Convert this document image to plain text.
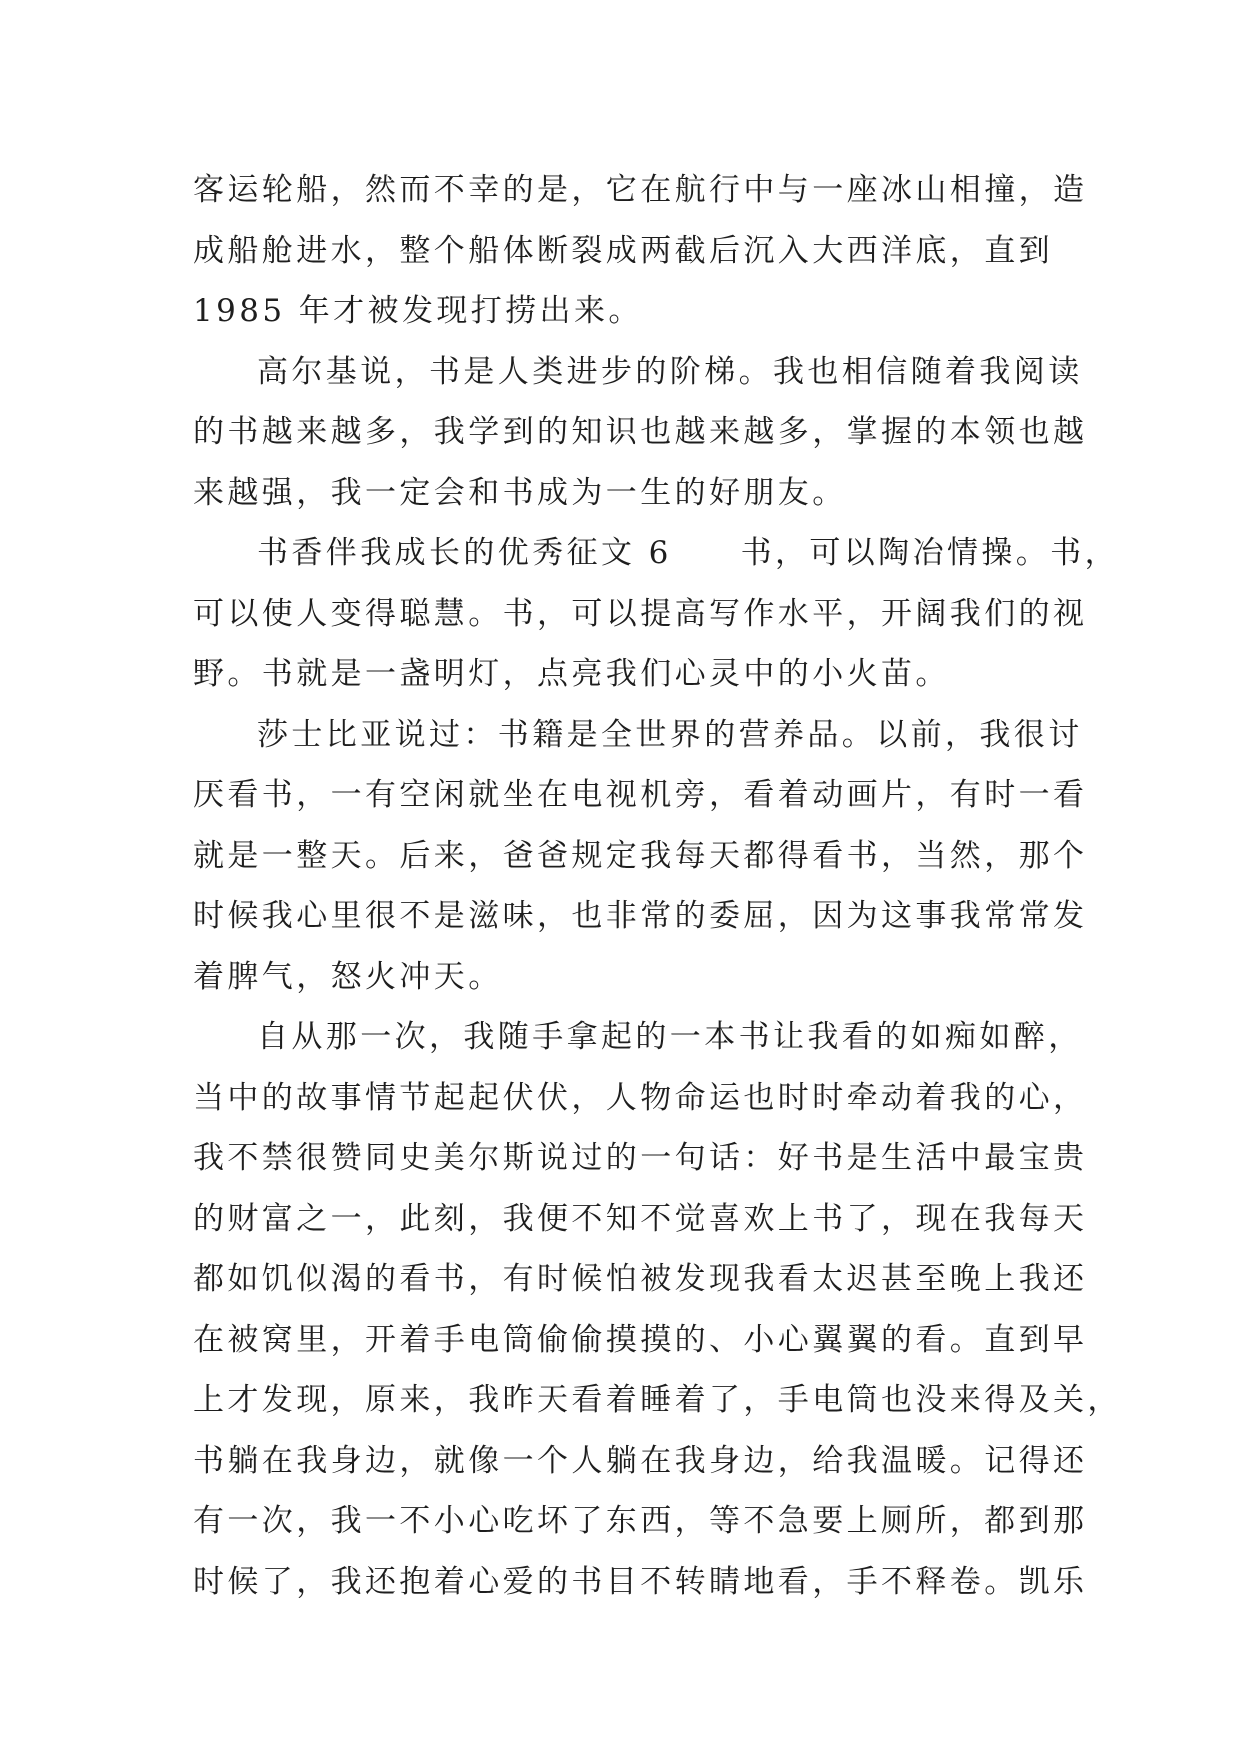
客运轮船，然而不幸的是，它在航行中与一座冰山相撞，造
成船舱进水，整个船体断裂成两截后沉入大西洋底，直到
1985 年才被发现打捞出来。
高尔基说，书是人类进步的阶梯。我也相信随着我阅读
的书越来越多，我学到的知识也越来越多，掌握的本领也越
来越强，我一定会和书成为一生的好朋友。
书香伴我成长的优秀征文 6　　书，可以陶冶情操。书，
可以使人变得聪慧。书，可以提高写作水平，开阔我们的视
野。书就是一盏明灯，点亮我们心灵中的小火苗。
莎士比亚说过：书籍是全世界的营养品。以前，我很讨
厌看书，一有空闲就坐在电视机旁，看着动画片，有时一看
就是一整天。后来，爸爸规定我每天都得看书，当然，那个
时候我心里很不是滋味，也非常的委屈，因为这事我常常发
着脾气，怒火冲天。
自从那一次，我随手拿起的一本书让我看的如痴如醉，
当中的故事情节起起伏伏，人物命运也时时牵动着我的心，
我不禁很赞同史美尔斯说过的一句话：好书是生活中最宝贵
的财富之一，此刻，我便不知不觉喜欢上书了，现在我每天
都如饥似渴的看书，有时候怕被发现我看太迟甚至晚上我还
在被窝里，开着手电筒偷偷摸摸的、小心翼翼的看。直到早
上才发现，原来，我昨天看着睡着了，手电筒也没来得及关，
书躺在我身边，就像一个人躺在我身边，给我温暖。记得还
有一次，我一不小心吃坏了东西，等不急要上厕所，都到那
时候了，我还抱着心爱的书目不转睛地看，手不释卷。凯乐
